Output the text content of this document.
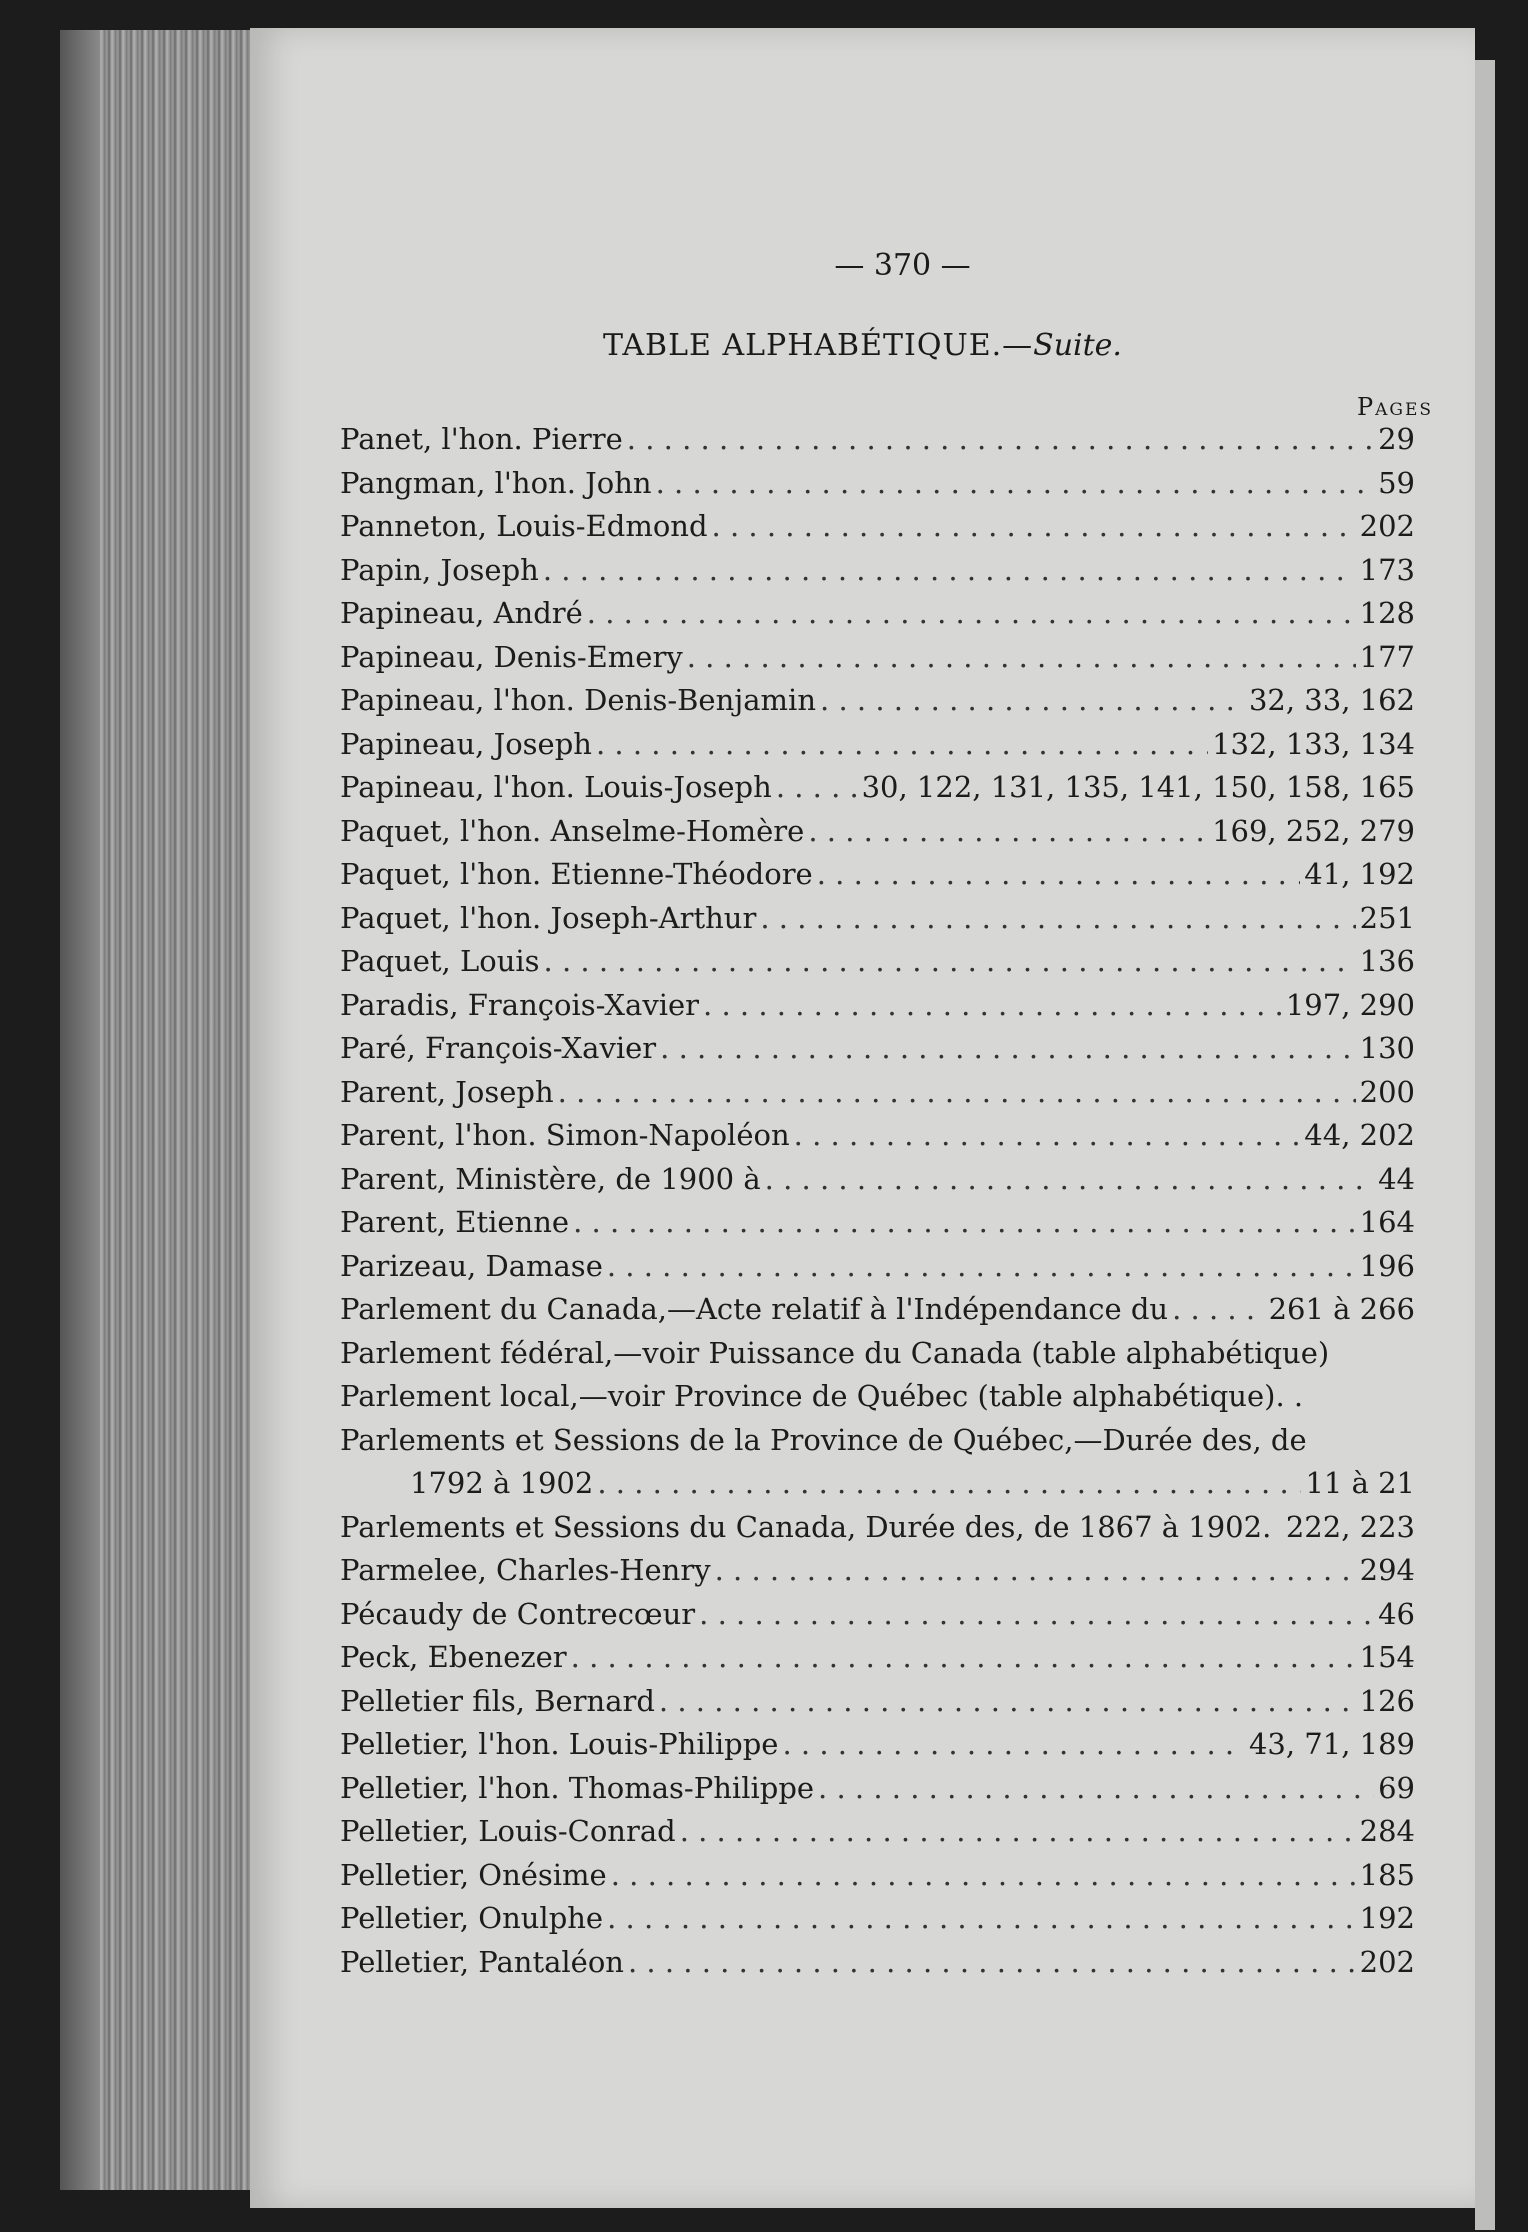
— 370 —
TABLE ALPHABÉTIQUE.—Suite.
Pages
Panet, l'hon. Pierre . . .	29
Pangman, l'hon. John . . .	59
Panneton, Louis-Edmond . . .	202
Papin, Joseph . . .	173
Papineau, André . . .	128
Papineau, Denis-Emery . . .	177
Papineau, l'hon. Denis-Benjamin . . .	32, 33, 162
Papineau, Joseph . . .	132, 133, 134
Papineau, l'hon. Louis-Joseph . . .	30, 122, 131, 135, 141, 150, 158, 165
Paquet, l'hon. Anselme-Homère . . .	169, 252, 279
Paquet, l'hon. Etienne-Théodore . . .	41, 192
Paquet, l'hon. Joseph-Arthur . . .	251
Paquet, Louis . . .	136
Paradis, François-Xavier . . .	197, 290
Paré, François-Xavier . . .	130
Parent, Joseph . . .	200
Parent, l'hon. Simon-Napoléon . . .	44, 202
Parent, Ministère, de 1900 à . . .	44
Parent, Etienne . . .	164
Parizeau, Damase . . .	196
Parlement du Canada,—Acte relatif à l'Indépendance du . . .	261 à 266
Parlement fédéral,—voir Puissance du Canada (table alphabétique)
Parlement local,—voir Province de Québec (table alphabétique). .
Parlements et Sessions de la Province de Québec,—Durée des, de
1792 à 1902 . . .	11 à 21
Parlements et Sessions du Canada, Durée des, de 1867 à 1902. 222, 223
Parmelee, Charles-Henry . . .	294
Pécaudy de Contrecœur . . .	46
Peck, Ebenezer . . .	154
Pelletier fils, Bernard . . .	126
Pelletier, l'hon. Louis-Philippe . . .	43, 71, 189
Pelletier, l'hon. Thomas-Philippe . . .	69
Pelletier, Louis-Conrad . . .	284
Pelletier, Onésime . . .	185
Pelletier, Onulphe . . .	192
Pelletier, Pantaléon . . .	202
